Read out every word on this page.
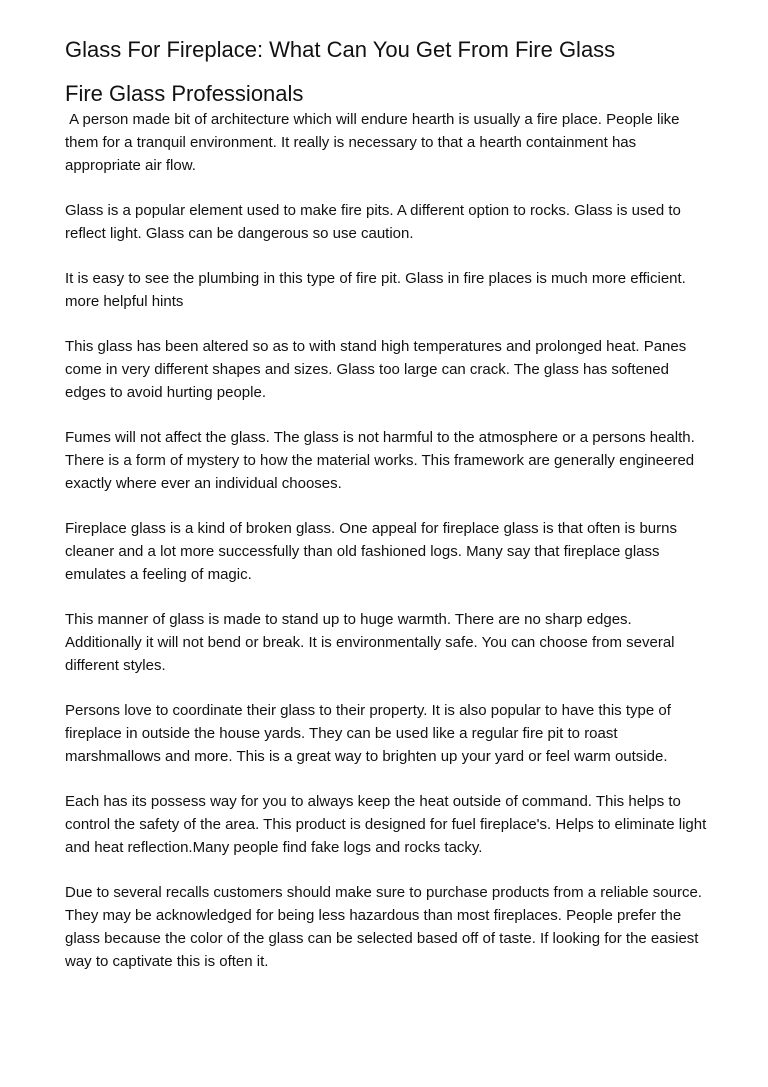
Glass For Fireplace: What Can You Get From Fire Glass
Fire Glass Professionals

A person made bit of architecture which will endure hearth is usually a fire place. People like them for a tranquil environment. It really is necessary to that a hearth containment has appropriate air flow.

Glass is a popular element used to make fire pits. A different option to rocks. Glass is used to reflect light. Glass can be dangerous so use caution.

It is easy to see the plumbing in this type of fire pit. Glass in fire places is much more efficient.

more helpful hints

This glass has been altered so as to with stand high temperatures and prolonged heat. Panes come in very different shapes and sizes. Glass too large can crack. The glass has softened edges to avoid hurting people.

Fumes will not affect the glass. The glass is not harmful to the atmosphere or a persons health. There is a form of mystery to how the material works. This framework are generally engineered exactly where ever an individual chooses.

Fireplace glass is a kind of broken glass. One appeal for fireplace glass is that often is burns cleaner and a lot more successfully than old fashioned logs. Many say that fireplace glass emulates a feeling of magic.

This manner of glass is made to stand up to huge warmth. There are no sharp edges. Additionally it will not bend or break. It is environmentally safe. You can choose from several different styles.

Persons love to coordinate their glass to their property. It is also popular to have this type of fireplace in outside the house yards. They can be used like a regular fire pit to roast marshmallows and more. This is a great way to brighten up your yard or feel warm outside.

Each has its possess way for you to always keep the heat outside of command. This helps to control the safety of the area. This product is designed for fuel fireplace's. Helps to eliminate light and heat reflection.Many people find fake logs and rocks tacky.

Due to several recalls customers should make sure to purchase products from a reliable source. They may be acknowledged for being less hazardous than most fireplaces. People prefer the glass because the color of the glass can be selected based off of taste. If looking for the easiest way to captivate this is often it.
